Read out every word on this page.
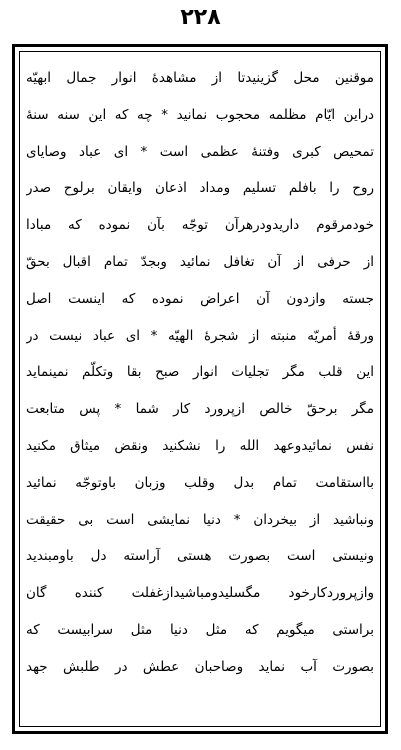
٢٢٨
موقنين محل گزينيدتا از مشاهدهٔ انوار جمال ابهيّه
دراين ايّام مظلمه محجوب نمانيد * چه كه اين سنه سنهٔ
تمحيص كبرى وفتنهٔ عظمى است * اى عباد وصاياى
روح را بافلم تسليم ومداد اذعان وايقان برلوح صدر
خودمرقوم داريدودرهرآن توجّه بآن نموده كه مبادا
از حرفى از آن تغافل نمائيد وبجدّ تمام اقبال بحقّ
جسته وازدون آن اعراض نموده كه اينست اصل
ورقهٔ أمريّه منبته از شجرهٔ الهيّه * اى عباد نيست در
اين قلب مگر تجليات انوار صبح بقا وتكلّم نمينمايد
مگر برحقّ خالص ازپرورد كار شما * پس متابعت
نفس نمائيدوعهد الله را نشكنيد ونقض ميثاق مكنيد
بااستقامت تمام بدل وقلب وزبان باوتوجّه نمائيد
ونباشيد از بيخردان * دنيا نمايشى است بى حقيقت
ونيستى است بصورت هستى آراسته دل باومبنديد
وازپروردكارخود مگسليدومباشيدازغفلت كننده گان
براستى ميگويم كه مثل دنيا مثل سرابيست كه
بصورت آب نمايد وصاحبان عطش در طلبش جهد
